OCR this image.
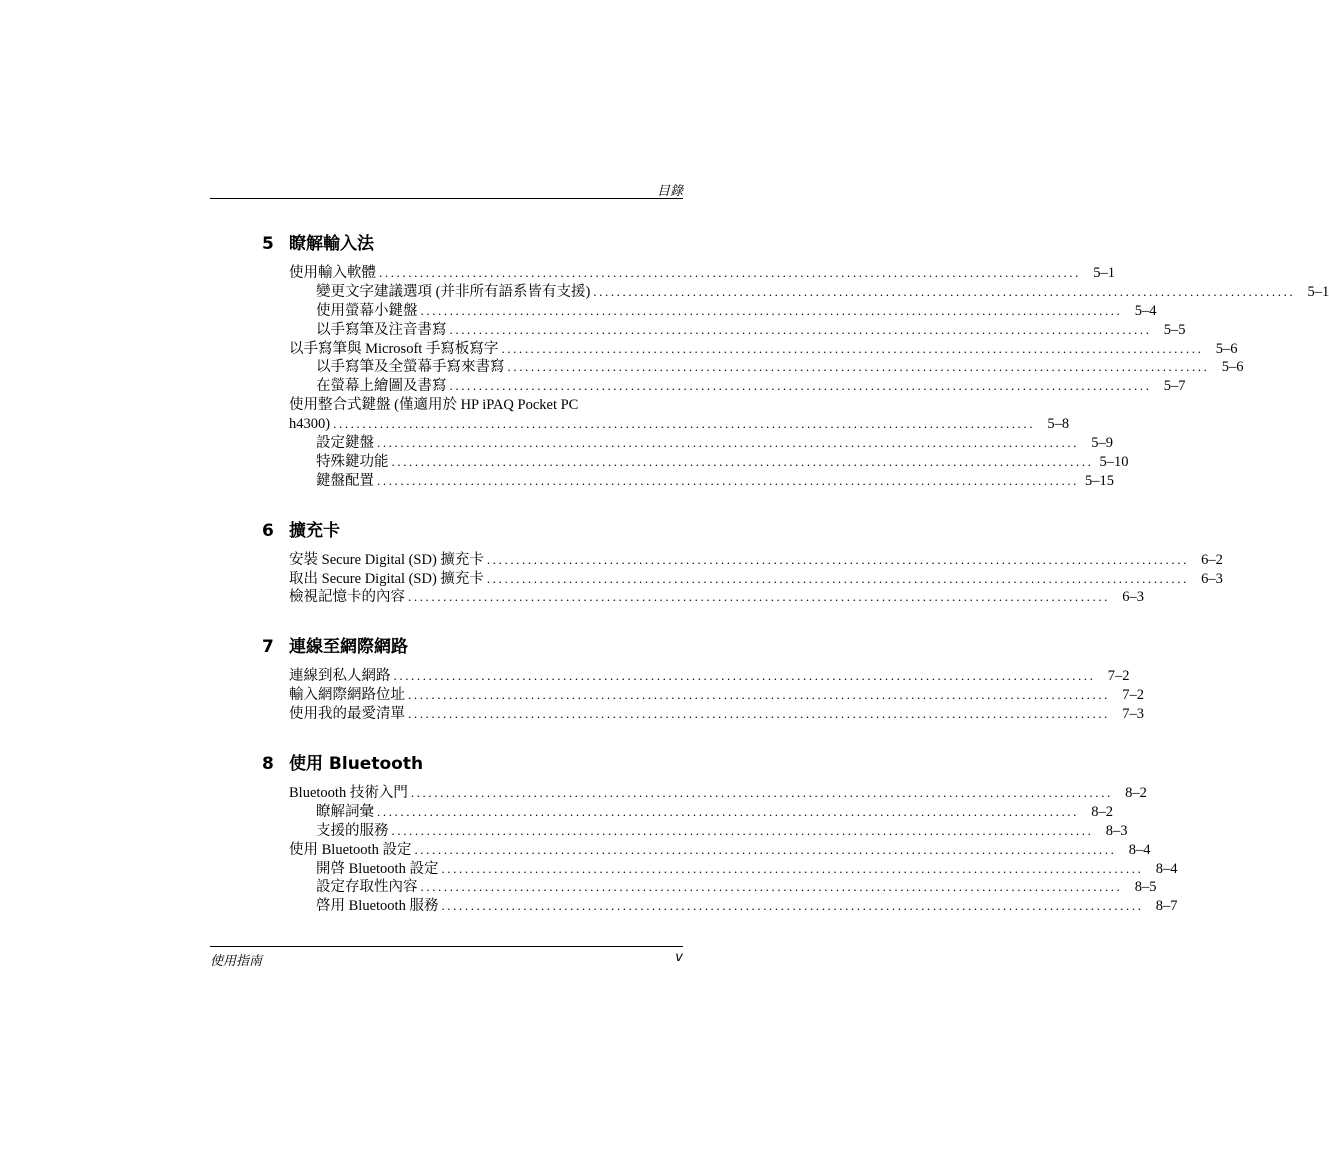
目錄
5 瞭解輸入法
使用輸入軟體 ........................................................................................................................ 5–1
變更文字建議選項 (并非所有語系皆有支援) ........................................................................................................................ 5–1
使用螢幕小鍵盤 ........................................................................................................................ 5–4
以手寫筆及注音書寫 ........................................................................................................................ 5–5
以手寫筆與 Microsoft 手寫板寫字 ........................................................................................................................ 5–6
以手寫筆及全螢幕手寫來書寫 ........................................................................................................................ 5–6
在螢幕上繪圖及書寫 ........................................................................................................................ 5–7
使用整合式鍵盤 (僅適用於 HP iPAQ Pocket PC
h4300) ........................................................................................................................ 5–8
設定鍵盤 ........................................................................................................................ 5–9
特殊鍵功能 ........................................................................................................................ 5–10
鍵盤配置 ........................................................................................................................ 5–15
6 擴充卡
安裝 Secure Digital (SD) 擴充卡 ........................................................................................................................ 6–2
取出 Secure Digital (SD) 擴充卡 ........................................................................................................................ 6–3
檢視記憶卡的內容 ........................................................................................................................ 6–3
7 連線至網際網路
連線到私人網路 ........................................................................................................................ 7–2
輸入網際網路位址 ........................................................................................................................ 7–2
使用我的最愛清單 ........................................................................................................................ 7–3
8 使用 Bluetooth
Bluetooth 技術入門 ........................................................................................................................ 8–2
瞭解詞彙 ........................................................................................................................ 8–2
支援的服務 ........................................................................................................................ 8–3
使用 Bluetooth 設定 ........................................................................................................................ 8–4
開啓 Bluetooth 設定 ........................................................................................................................ 8–4
設定存取性內容 ........................................................................................................................ 8–5
啓用 Bluetooth 服務 ........................................................................................................................ 8–7
使用指南	v
